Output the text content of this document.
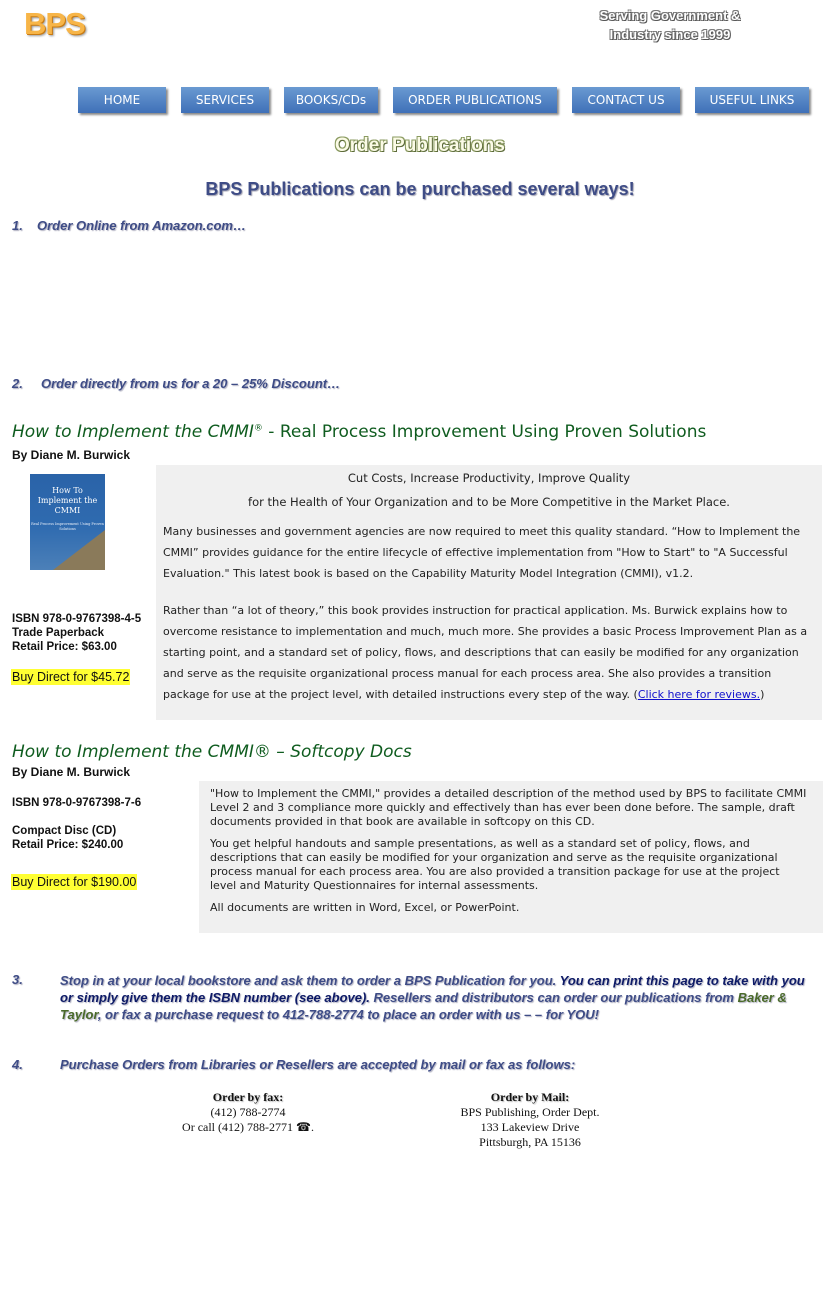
BPS	Serving Government &
Industry since 1999
HOME	SERVICES	BOOKS/CDs	ORDER PUBLICATIONS	CONTACT US	USEFUL LINKS
Order Publications
BPS Publications can be purchased several ways!
1. Order Online from Amazon.com…
2. Order directly from us for a 20 – 25% Discount…
How to Implement the CMMI® - Real Process Improvement Using Proven Solutions
By Diane M. Burwick
How To Implement the CMMI
Real Process Improvement Using Proven Solutions
ISBN 978-0-9767398-4-5
Trade Paperback
Retail Price: $63.00
Buy Direct for $45.72
Cut Costs, Increase Productivity, Improve Quality
for the Health of Your Organization and to be More Competitive in the Market Place.
Many businesses and government agencies are now required to meet this quality standard. “How to Implement the CMMI” provides guidance for the entire lifecycle of effective implementation from "How to Start" to "A Successful Evaluation." This latest book is based on the Capability Maturity Model Integration (CMMI), v1.2.
Rather than “a lot of theory,” this book provides instruction for practical application. Ms. Burwick explains how to overcome resistance to implementation and much, much more. She provides a basic Process Improvement Plan as a starting point, and a standard set of policy, flows, and descriptions that can easily be modified for any organization and serve as the requisite organizational process manual for each process area. She also provides a transition package for use at the project level, with detailed instructions every step of the way. (Click here for reviews.)
How to Implement the CMMI® – Softcopy Docs
By Diane M. Burwick
ISBN 978-0-9767398-7-6
Compact Disc (CD)
Retail Price: $240.00
Buy Direct for $190.00
"How to Implement the CMMI," provides a detailed description of the method used by BPS to facilitate CMMI Level 2 and 3 compliance more quickly and effectively than has ever been done before. The sample, draft documents provided in that book are available in softcopy on this CD.
You get helpful handouts and sample presentations, as well as a standard set of policy, flows, and descriptions that can easily be modified for your organization and serve as the requisite organizational process manual for each process area. You are also provided a transition package for use at the project level and Maturity Questionnaires for internal assessments.
All documents are written in Word, Excel, or PowerPoint.
3.	Stop in at your local bookstore and ask them to order a BPS Publication for you. You can print this page to take with you or simply give them the ISBN number (see above). Resellers and distributors can order our publications from Baker & Taylor, or fax a purchase request to 412-788-2774 to place an order with us – – for YOU!
4.	Purchase Orders from Libraries or Resellers are accepted by mail or fax as follows:
Order by fax:
(412) 788-2774
Or call (412) 788-2771 ☎.
Order by Mail:
BPS Publishing, Order Dept.
133 Lakeview Drive
Pittsburgh, PA 15136
